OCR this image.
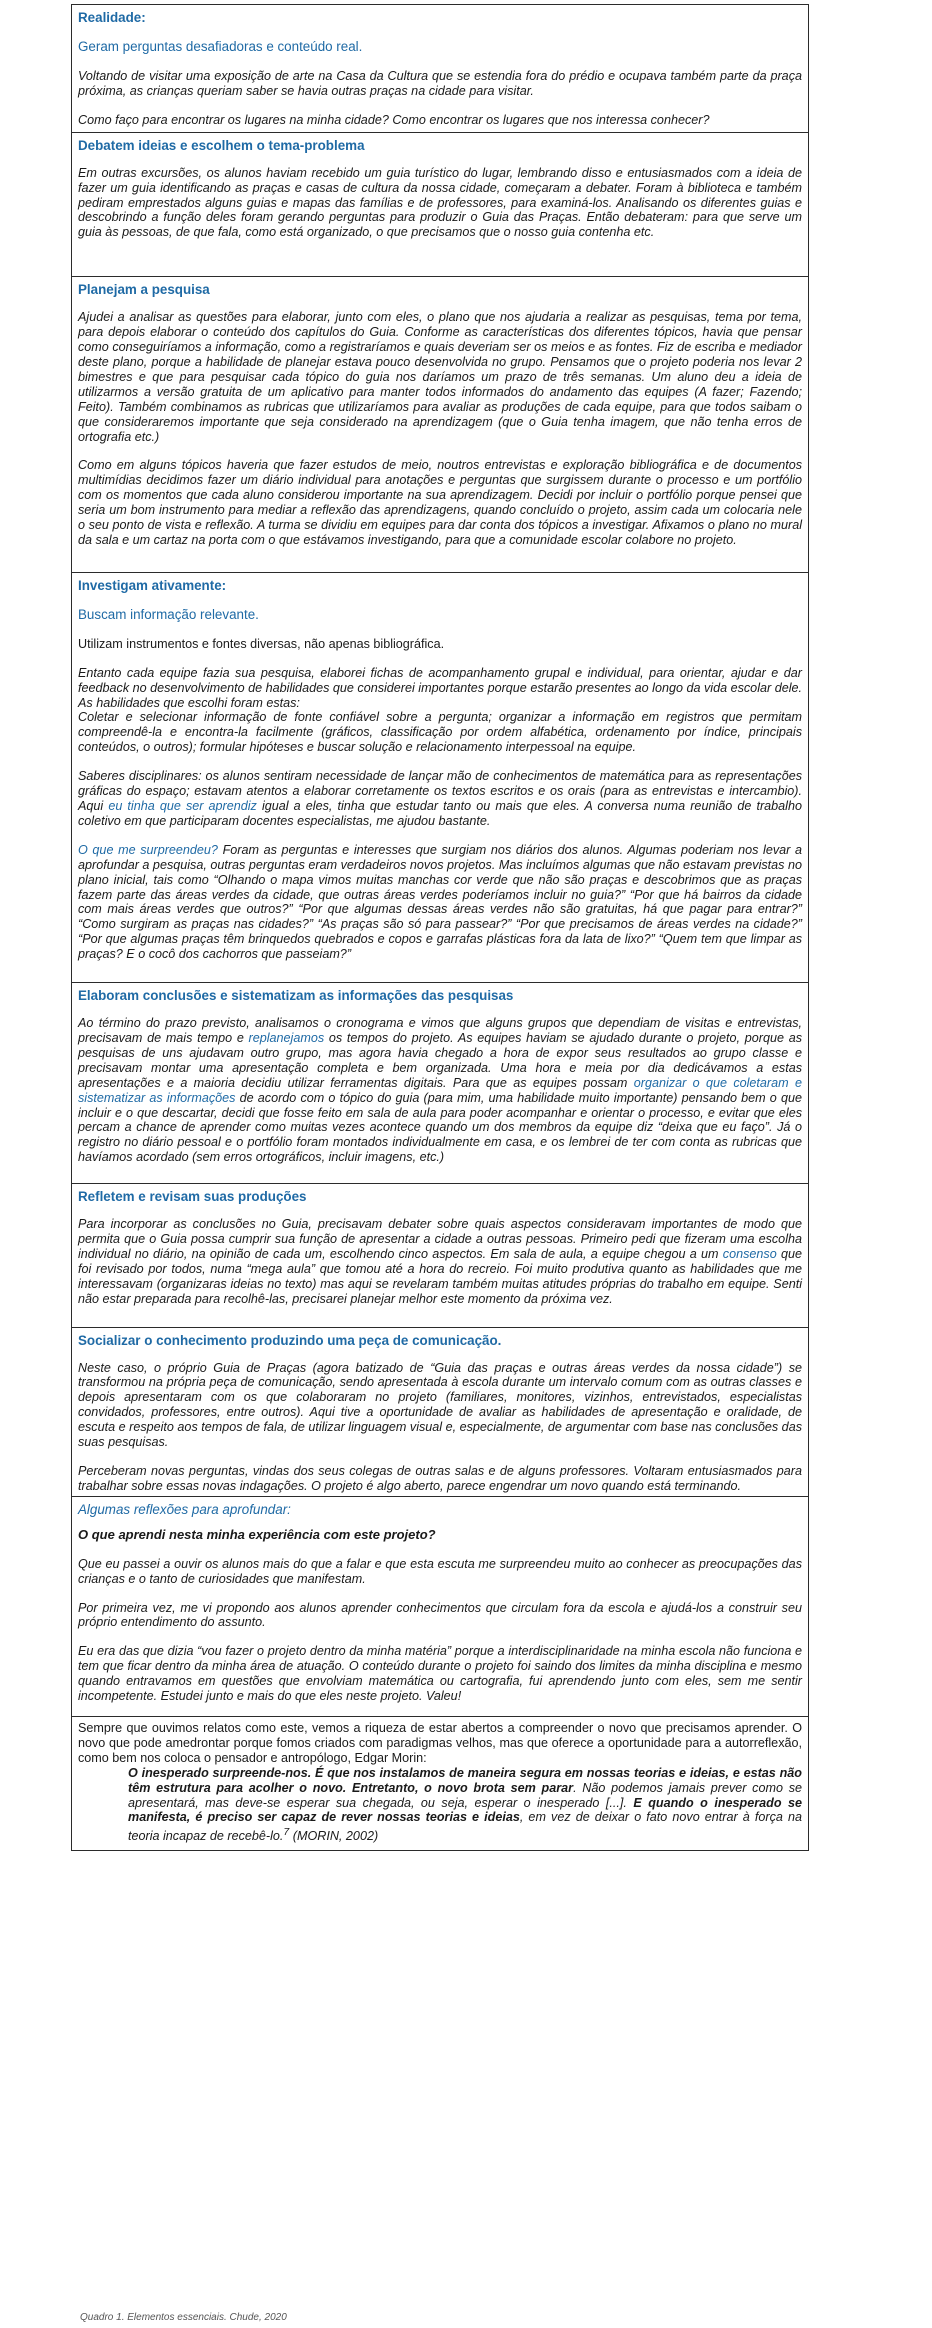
Realidade:
Geram perguntas desafiadoras e conteúdo real.

Voltando de visitar uma exposição de arte na Casa da Cultura que se estendia fora do prédio e ocupava também parte da praça próxima, as crianças queriam saber se havia outras praças na cidade para visitar.

Como faço para encontrar os lugares na minha cidade? Como encontrar os lugares que nos interessa conhecer?

Debatem ideias e escolhem o tema-problema

Em outras excursões, os alunos haviam recebido um guia turístico do lugar, lembrando disso e entusiasmados com a ideia de fazer um guia identificando as praças e casas de cultura da nossa cidade, começaram a debater. Foram à biblioteca e também pediram emprestados alguns guias e mapas das famílias e de professores, para examiná-los. Analisando os diferentes guias e descobrindo a função deles foram gerando perguntas para produzir o Guia das Praças. Então debateram: para que serve um guia às pessoas, de que fala, como está organizado, o que precisamos que o nosso guia contenha etc.

Planejam a pesquisa

Ajudei a analisar as questões para elaborar, junto com eles, o plano que nos ajudaria a realizar as pesquisas, tema por tema, para depois elaborar o conteúdo dos capítulos do Guia. Conforme as características dos diferentes tópicos, havia que pensar como conseguiríamos a informação, como a registraríamos e quais deveriam ser os meios e as fontes. Fiz de escriba e mediador deste plano, porque a habilidade de planejar estava pouco desenvolvida no grupo. Pensamos que o projeto poderia nos levar 2 bimestres e que para pesquisar cada tópico do guia nos daríamos um prazo de três semanas. Um aluno deu a ideia de utilizarmos a versão gratuita de um aplicativo para manter todos informados do andamento das equipes (A fazer; Fazendo; Feito). Também combinamos as rubricas que utilizaríamos para avaliar as produções de cada equipe, para que todos saibam o que consideraremos importante que seja considerado na aprendizagem (que o Guia tenha imagem, que não tenha erros de ortografia etc.)

Como em alguns tópicos haveria que fazer estudos de meio, noutros entrevistas e exploração bibliográfica e de documentos multimídias decidimos fazer um diário individual para anotações e perguntas que surgissem durante o processo e um portfólio com os momentos que cada aluno considerou importante na sua aprendizagem. Decidi por incluir o portfólio porque pensei que seria um bom instrumento para mediar a reflexão das aprendizagens, quando concluído o projeto, assim cada um colocaria nele o seu ponto de vista e reflexão. A turma se dividiu em equipes para dar conta dos tópicos a investigar. Afixamos o plano no mural da sala e um cartaz na porta com o que estávamos investigando, para que a comunidade escolar colabore no projeto.

Investigam ativamente:
Buscam informação relevante.

Utilizam instrumentos e fontes diversas, não apenas bibliográfica.

Entanto cada equipe fazia sua pesquisa, elaborei fichas de acompanhamento grupal e individual, para orientar, ajudar e dar feedback no desenvolvimento de habilidades que considerei importantes porque estarão presentes ao longo da vida escolar dele. As habilidades que escolhi foram estas:
Coletar e selecionar informação de fonte confiável sobre a pergunta; organizar a informação em registros que permitam compreendê-la e encontra-la facilmente (gráficos, classificação por ordem alfabética, ordenamento por índice, principais conteúdos, o outros); formular hipóteses e buscar solução e relacionamento interpessoal na equipe.

Saberes disciplinares: os alunos sentiram necessidade de lançar mão de conhecimentos de matemática para as representações gráficas do espaço; estavam atentos a elaborar corretamente os textos escritos e os orais (para as entrevistas e intercambio). Aqui eu tinha que ser aprendiz igual a eles, tinha que estudar tanto ou mais que eles. A conversa numa reunião de trabalho coletivo em que participaram docentes especialistas, me ajudou bastante.

O que me surpreendeu? Foram as perguntas e interesses que surgiam nos diários dos alunos. Algumas poderiam nos levar a aprofundar a pesquisa, outras perguntas eram verdadeiros novos projetos. Mas incluímos algumas que não estavam previstas no plano inicial, tais como “Olhando o mapa vimos muitas manchas cor verde que não são praças e descobrimos que as praças fazem parte das áreas verdes da cidade, que outras áreas verdes poderíamos incluir no guia?” “Por que há bairros da cidade com mais áreas verdes que outros?” “Por que algumas dessas áreas verdes não são gratuitas, há que pagar para entrar?” “Como surgiram as praças nas cidades?” “As praças são só para passear?” “Por que precisamos de áreas verdes na cidade?” “Por que algumas praças têm brinquedos quebrados e copos e garrafas plásticas fora da lata de lixo?” “Quem tem que limpar as praças? E o cocô dos cachorros que passeiam?”

Elaboram conclusões e sistematizam as informações das pesquisas

Ao término do prazo previsto, analisamos o cronograma e vimos que alguns grupos que dependiam de visitas e entrevistas, precisavam de mais tempo e replanejamos os tempos do projeto. As equipes haviam se ajudado durante o projeto, porque as pesquisas de uns ajudavam outro grupo, mas agora havia chegado a hora de expor seus resultados ao grupo classe e precisavam montar uma apresentação completa e bem organizada. Uma hora e meia por dia dedicávamos a estas apresentações e a maioria decidiu utilizar ferramentas digitais. Para que as equipes possam organizar o que coletaram e sistematizar as informações de acordo com o tópico do guia (para mim, uma habilidade muito importante) pensando bem o que incluir e o que descartar, decidi que fosse feito em sala de aula para poder acompanhar e orientar o processo, e evitar que eles percam a chance de aprender como muitas vezes acontece quando um dos membros da equipe diz “deixa que eu faço”. Já o registro no diário pessoal e o portfólio foram montados individualmente em casa, e os lembrei de ter com conta as rubricas que havíamos acordado (sem erros ortográficos, incluir imagens, etc.)

Refletem e revisam suas produções

Para incorporar as conclusões no Guia, precisavam debater sobre quais aspectos consideravam importantes de modo que permita que o Guia possa cumprir sua função de apresentar a cidade a outras pessoas. Primeiro pedi que fizeram uma escolha individual no diário, na opinião de cada um, escolhendo cinco aspectos. Em sala de aula, a equipe chegou a um consenso que foi revisado por todos, numa “mega aula” que tomou até a hora do recreio. Foi muito produtiva quanto as habilidades que me interessavam (organizaras ideias no texto) mas aqui se revelaram também muitas atitudes próprias do trabalho em equipe. Senti não estar preparada para recolhê-las, precisarei planejar melhor este momento da próxima vez.

Socializar o conhecimento produzindo uma peça de comunicação.

Neste caso, o próprio Guia de Praças (agora batizado de “Guia das praças e outras áreas verdes da nossa cidade”) se transformou na própria peça de comunicação, sendo apresentada à escola durante um intervalo comum com as outras classes e depois apresentaram com os que colaboraram no projeto (familiares, monitores, vizinhos, entrevistados, especialistas convidados, professores, entre outros). Aqui tive a oportunidade de avaliar as habilidades de apresentação e oralidade, de escuta e respeito aos tempos de fala, de utilizar linguagem visual e, especialmente, de argumentar com base nas conclusões das suas pesquisas.

Perceberam novas perguntas, vindas dos seus colegas de outras salas e de alguns professores. Voltaram entusiasmados para trabalhar sobre essas novas indagações. O projeto é algo aberto, parece engendrar um novo quando está terminando.

Algumas reflexões para aprofundar:

O que aprendi nesta minha experiência com este projeto?

Que eu passei a ouvir os alunos mais do que a falar e que esta escuta me surpreendeu muito ao conhecer as preocupações das crianças e o tanto de curiosidades que manifestam.

Por primeira vez, me vi propondo aos alunos aprender conhecimentos que circulam fora da escola e ajudá-los a construir seu próprio entendimento do assunto.

Eu era das que dizia “vou fazer o projeto dentro da minha matéria” porque a interdisciplinaridade na minha escola não funciona e tem que ficar dentro da minha área de atuação. O conteúdo durante o projeto foi saindo dos limites da minha disciplina e mesmo quando entravamos em questões que envolviam matemática ou cartografia, fui aprendendo junto com eles, sem me sentir incompetente. Estudei junto e mais do que eles neste projeto. Valeu!

Sempre que ouvimos relatos como este, vemos a riqueza de estar abertos a compreender o novo que precisamos aprender. O novo que pode amedrontar porque fomos criados com paradigmas velhos, mas que oferece a oportunidade para a autorreflexão, como bem nos coloca o pensador e antropólogo, Edgar Morin:

O inesperado surpreende-nos. É que nos instalamos de maneira segura em nossas teorias e ideias, e estas não têm estrutura para acolher o novo. Entretanto, o novo brota sem parar. Não podemos jamais prever como se apresentará, mas deve-se esperar sua chegada, ou seja, esperar o inesperado [...]. E quando o inesperado se manifesta, é preciso ser capaz de rever nossas teorias e ideias, em vez de deixar o fato novo entrar à força na teoria incapaz de recebê-lo.$^7$ (MORIN, 2002)

Quadro 1. Elementos essenciais. Chude, 2020
